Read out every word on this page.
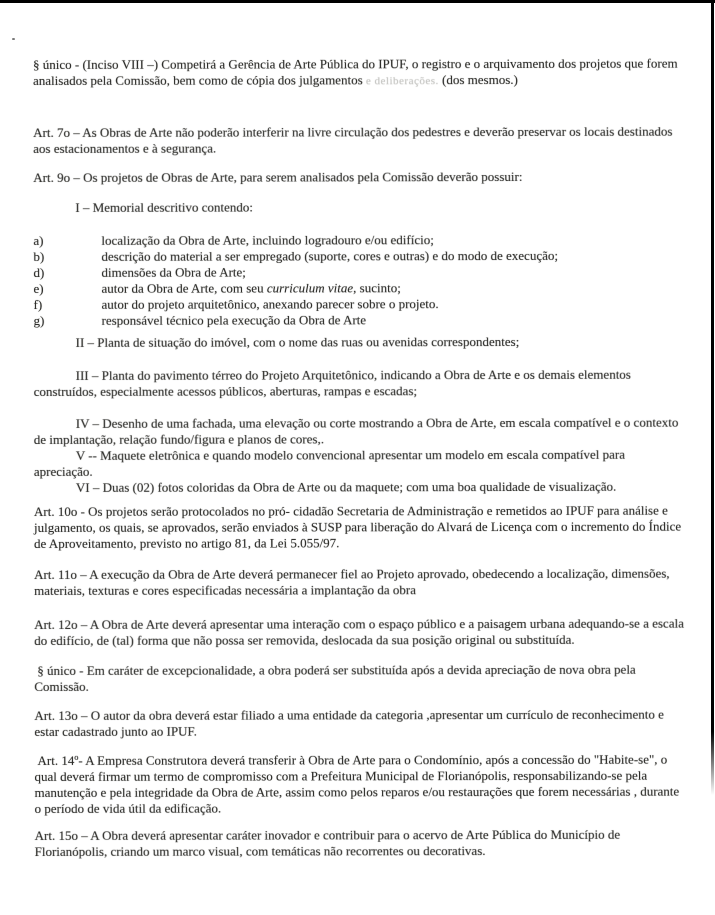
§ único - (Inciso VIII –) Competirá a Gerência de Arte Pública do IPUF, o registro e o arquivamento dos projetos que forem analisados pela Comissão, bem como de cópia dos julgamentos e deliberações. (dos mesmos.)

Art. 7o – As Obras de Arte não poderão interferir na livre circulação dos pedestres e deverão preservar os locais destinados aos estacionamentos e à segurança.

Art. 9o – Os projetos de Obras de Arte, para serem analisados pela Comissão deverão possuir:

I – Memorial descritivo contendo:

a)	localização da Obra de Arte, incluindo logradouro e/ou edifício;
b)	descrição do material a ser empregado (suporte, cores e outras) e do modo de execução;
d)	dimensões da Obra de Arte;
e)	autor da Obra de Arte, com seu curriculum vitae, sucinto;
f)	autor do projeto arquitetônico, anexando parecer sobre o projeto.
g)	responsável técnico pela execução da Obra de Arte

II – Planta de situação do imóvel, com o nome das ruas ou avenidas correspondentes;

III – Planta do pavimento térreo do Projeto Arquitetônico, indicando a Obra de Arte e os demais elementos construídos, especialmente acessos públicos, aberturas, rampas e escadas;

IV – Desenho de uma fachada, uma elevação ou corte mostrando a Obra de Arte, em escala compatível e o contexto de implantação, relação fundo/figura e planos de cores,.

V -- Maquete eletrônica e quando modelo convencional apresentar um modelo em escala compatível para apreciação.

VI – Duas (02) fotos coloridas da Obra de Arte ou da maquete; com uma boa qualidade de visualização.

Art. 10o - Os projetos serão protocolados no pró- cidadão Secretaria de Administração e remetidos ao IPUF para análise e julgamento, os quais, se aprovados, serão enviados à SUSP para liberação do Alvará de Licença com o incremento do Índice de Aproveitamento, previsto no artigo 81, da Lei 5.055/97.

Art. 11o – A execução da Obra de Arte deverá permanecer fiel ao Projeto aprovado, obedecendo a localização, dimensões, materiais, texturas e cores especificadas necessária a implantação da obra

Art. 12o – A Obra de Arte deverá apresentar uma interação com o espaço público e a paisagem urbana adequando-se a escala do edifício, de (tal) forma que não possa ser removida, deslocada da sua posição original ou substituída.

§ único - Em caráter de excepcionalidade, a obra poderá ser substituída após a devida apreciação de nova obra pela Comissão.

Art. 13o – O autor da obra deverá estar filiado a uma entidade da categoria ,apresentar um currículo de reconhecimento e estar cadastrado junto ao IPUF.

Art. 14º- A Empresa Construtora deverá transferir à Obra de Arte para o Condomínio, após a concessão do "Habite-se", o qual deverá firmar um termo de compromisso com a Prefeitura Municipal de Florianópolis, responsabilizando-se pela manutenção e pela integridade da Obra de Arte, assim como pelos reparos e/ou restaurações que forem necessárias , durante o período de vida útil da edificação.

Art. 15o – A Obra deverá apresentar caráter inovador e contribuir para o acervo de Arte Pública do Município de Florianópolis, criando um marco visual, com temáticas não recorrentes ou decorativas.
